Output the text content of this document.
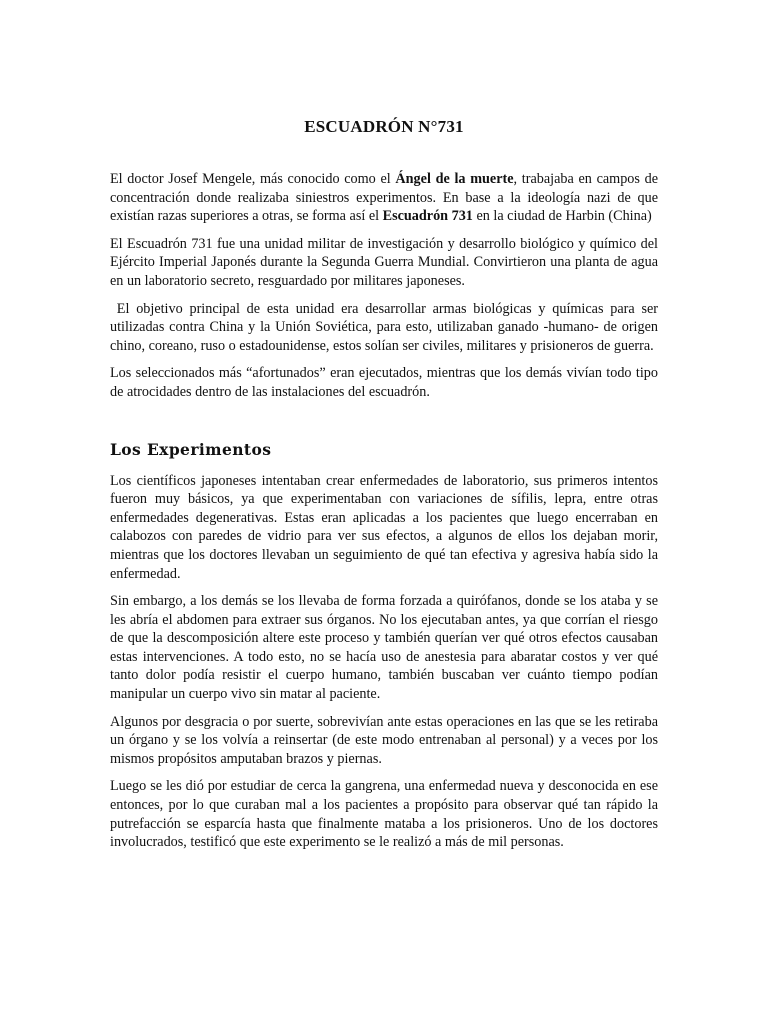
ESCUADRÓN N°731

El doctor Josef Mengele, más conocido como el Ángel de la muerte, trabajaba en campos de concentración donde realizaba siniestros experimentos. En base a la ideología nazi de que existían razas superiores a otras, se forma así el Escuadrón 731 en la ciudad de Harbin (China)

El Escuadrón 731 fue una unidad militar de investigación y desarrollo biológico y químico del Ejército Imperial Japonés durante la Segunda Guerra Mundial. Convirtieron una planta de agua en un laboratorio secreto, resguardado por militares japoneses.

El objetivo principal de esta unidad era desarrollar armas biológicas y químicas para ser utilizadas contra China y la Unión Soviética, para esto, utilizaban ganado -humano- de origen chino, coreano, ruso o estadounidense, estos solían ser civiles, militares y prisioneros de guerra.

Los seleccionados más “afortunados” eran ejecutados, mientras que los demás vivían todo tipo de atrocidades dentro de las instalaciones del escuadrón.

Los Experimentos

Los científicos japoneses intentaban crear enfermedades de laboratorio, sus primeros intentos fueron muy básicos, ya que experimentaban con variaciones de sífilis, lepra, entre otras enfermedades degenerativas. Estas eran aplicadas a los pacientes que luego encerraban en calabozos con paredes de vidrio para ver sus efectos, a algunos de ellos los dejaban morir, mientras que los doctores llevaban un seguimiento de qué tan efectiva y agresiva había sido la enfermedad.

Sin embargo, a los demás se los llevaba de forma forzada a quirófanos, donde se los ataba y se les abría el abdomen para extraer sus órganos. No los ejecutaban antes, ya que corrían el riesgo de que la descomposición altere este proceso y también querían ver qué otros efectos causaban estas intervenciones. A todo esto, no se hacía uso de anestesia para abaratar costos y ver qué tanto dolor podía resistir el cuerpo humano, también buscaban ver cuánto tiempo podían manipular un cuerpo vivo sin matar al paciente.

Algunos por desgracia o por suerte, sobrevivían ante estas operaciones en las que se les retiraba un órgano y se los volvía a reinsertar (de este modo entrenaban al personal) y a veces por los mismos propósitos amputaban brazos y piernas.

Luego se les dió por estudiar de cerca la gangrena, una enfermedad nueva y desconocida en ese entonces, por lo que curaban mal a los pacientes a propósito para observar qué tan rápido la putrefacción se esparcía hasta que finalmente mataba a los prisioneros. Uno de los doctores involucrados, testificó que este experimento se le realizó a más de mil personas.
